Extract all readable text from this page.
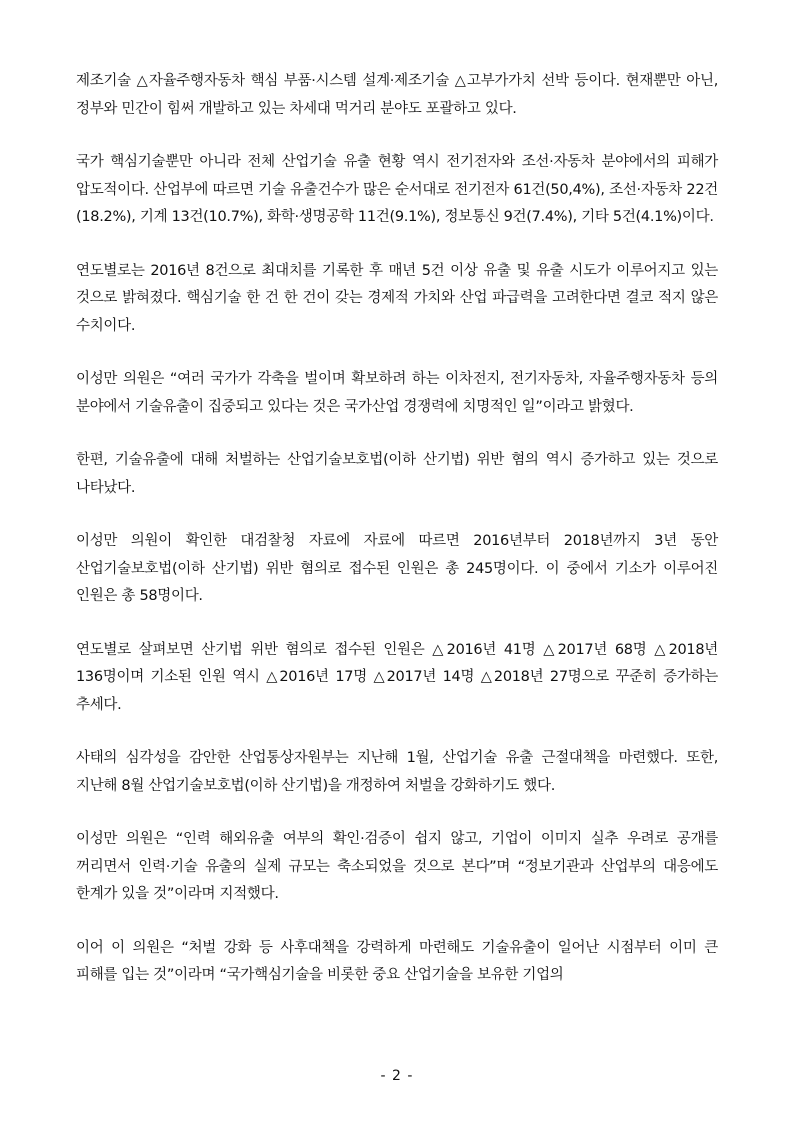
제조기술 △자율주행자동차 핵심 부품·시스템 설계·제조기술 △고부가가치 선박 등이다. 현재뿐만 아닌, 정부와 민간이 힘써 개발하고 있는 차세대 먹거리 분야도 포괄하고 있다.

국가 핵심기술뿐만 아니라 전체 산업기술 유출 현황 역시 전기전자와 조선·자동차 분야에서의 피해가 압도적이다. 산업부에 따르면 기술 유출건수가 많은 순서대로 전기전자 61건(50,4%), 조선·자동차 22건(18.2%), 기계 13건(10.7%), 화학·생명공학 11건(9.1%), 정보통신 9건(7.4%), 기타 5건(4.1%)이다.

연도별로는 2016년 8건으로 최대치를 기록한 후 매년 5건 이상 유출 및 유출 시도가 이루어지고 있는 것으로 밝혀졌다. 핵심기술 한 건 한 건이 갖는 경제적 가치와 산업 파급력을 고려한다면 결코 적지 않은 수치이다.

이성만 의원은 “여러 국가가 각축을 벌이며 확보하려 하는 이차전지, 전기자동차, 자율주행자동차 등의 분야에서 기술유출이 집중되고 있다는 것은 국가산업 경쟁력에 치명적인 일”이라고 밝혔다.

한편, 기술유출에 대해 처벌하는 산업기술보호법(이하 산기법) 위반 혐의 역시 증가하고 있는 것으로 나타났다.

이성만 의원이 확인한 대검찰청 자료에 자료에 따르면 2016년부터 2018년까지 3년 동안 산업기술보호법(이하 산기법) 위반 혐의로 접수된 인원은 총 245명이다. 이 중에서 기소가 이루어진 인원은 총 58명이다.

연도별로 살펴보면 산기법 위반 혐의로 접수된 인원은 △2016년 41명 △2017년 68명 △2018년 136명이며 기소된 인원 역시 △2016년 17명 △2017년 14명 △2018년 27명으로 꾸준히 증가하는 추세다.

사태의 심각성을 감안한 산업통상자원부는 지난해 1월, 산업기술 유출 근절대책을 마련했다. 또한, 지난해 8월 산업기술보호법(이하 산기법)을 개정하여 처벌을 강화하기도 했다.

이성만 의원은 “인력 해외유출 여부의 확인·검증이 쉽지 않고, 기업이 이미지 실추 우려로 공개를 꺼리면서 인력·기술 유출의 실제 규모는 축소되었을 것으로 본다”며 “정보기관과 산업부의 대응에도 한계가 있을 것”이라며 지적했다.

이어 이 의원은 “처벌 강화 등 사후대책을 강력하게 마련해도 기술유출이 일어난 시점부터 이미 큰 피해를 입는 것”이라며 “국가핵심기술을 비롯한 중요 산업기술을 보유한 기업의

- 2 -
